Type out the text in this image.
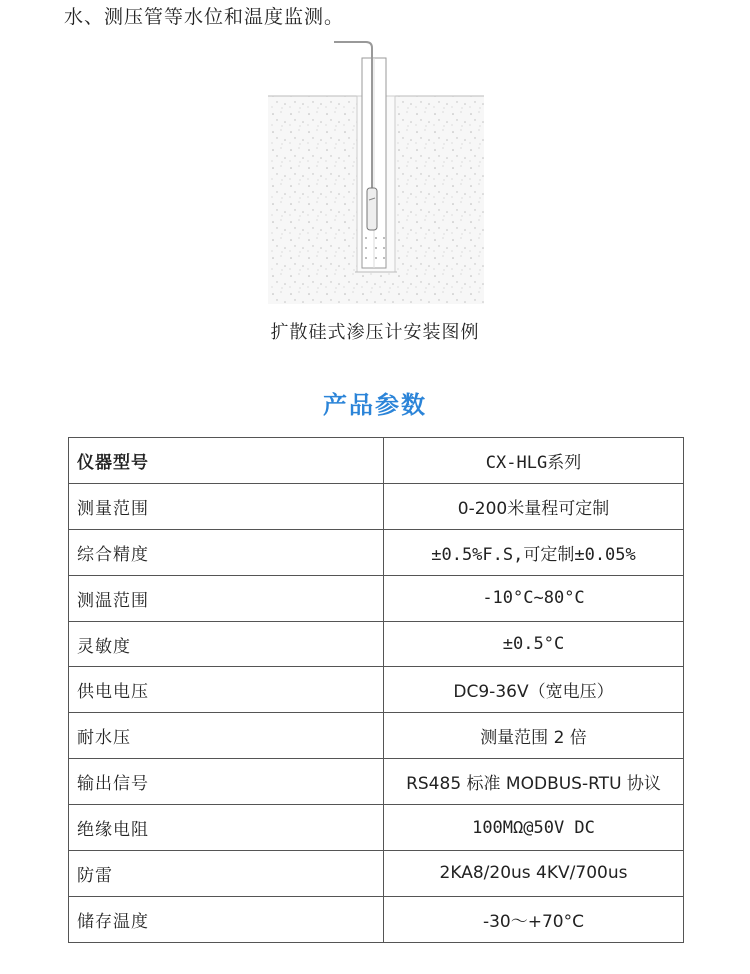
水、测压管等水位和温度监测。
扩散硅式渗压计安装图例
产品参数
仪器型号	CX-HLG系列
测量范围	0-200米量程可定制
综合精度	±0.5%F.S,可定制±0.05%
测温范围	-10°C~80°C
灵敏度	±0.5°C
供电电压	DC9-36V（宽电压）
耐水压	测量范围 2 倍
输出信号	RS485 标准 MODBUS-RTU 协议
绝缘电阻	100MΩ@50V DC
防雷	2KA8/20us 4KV/700us
储存温度	-30～+70°C
